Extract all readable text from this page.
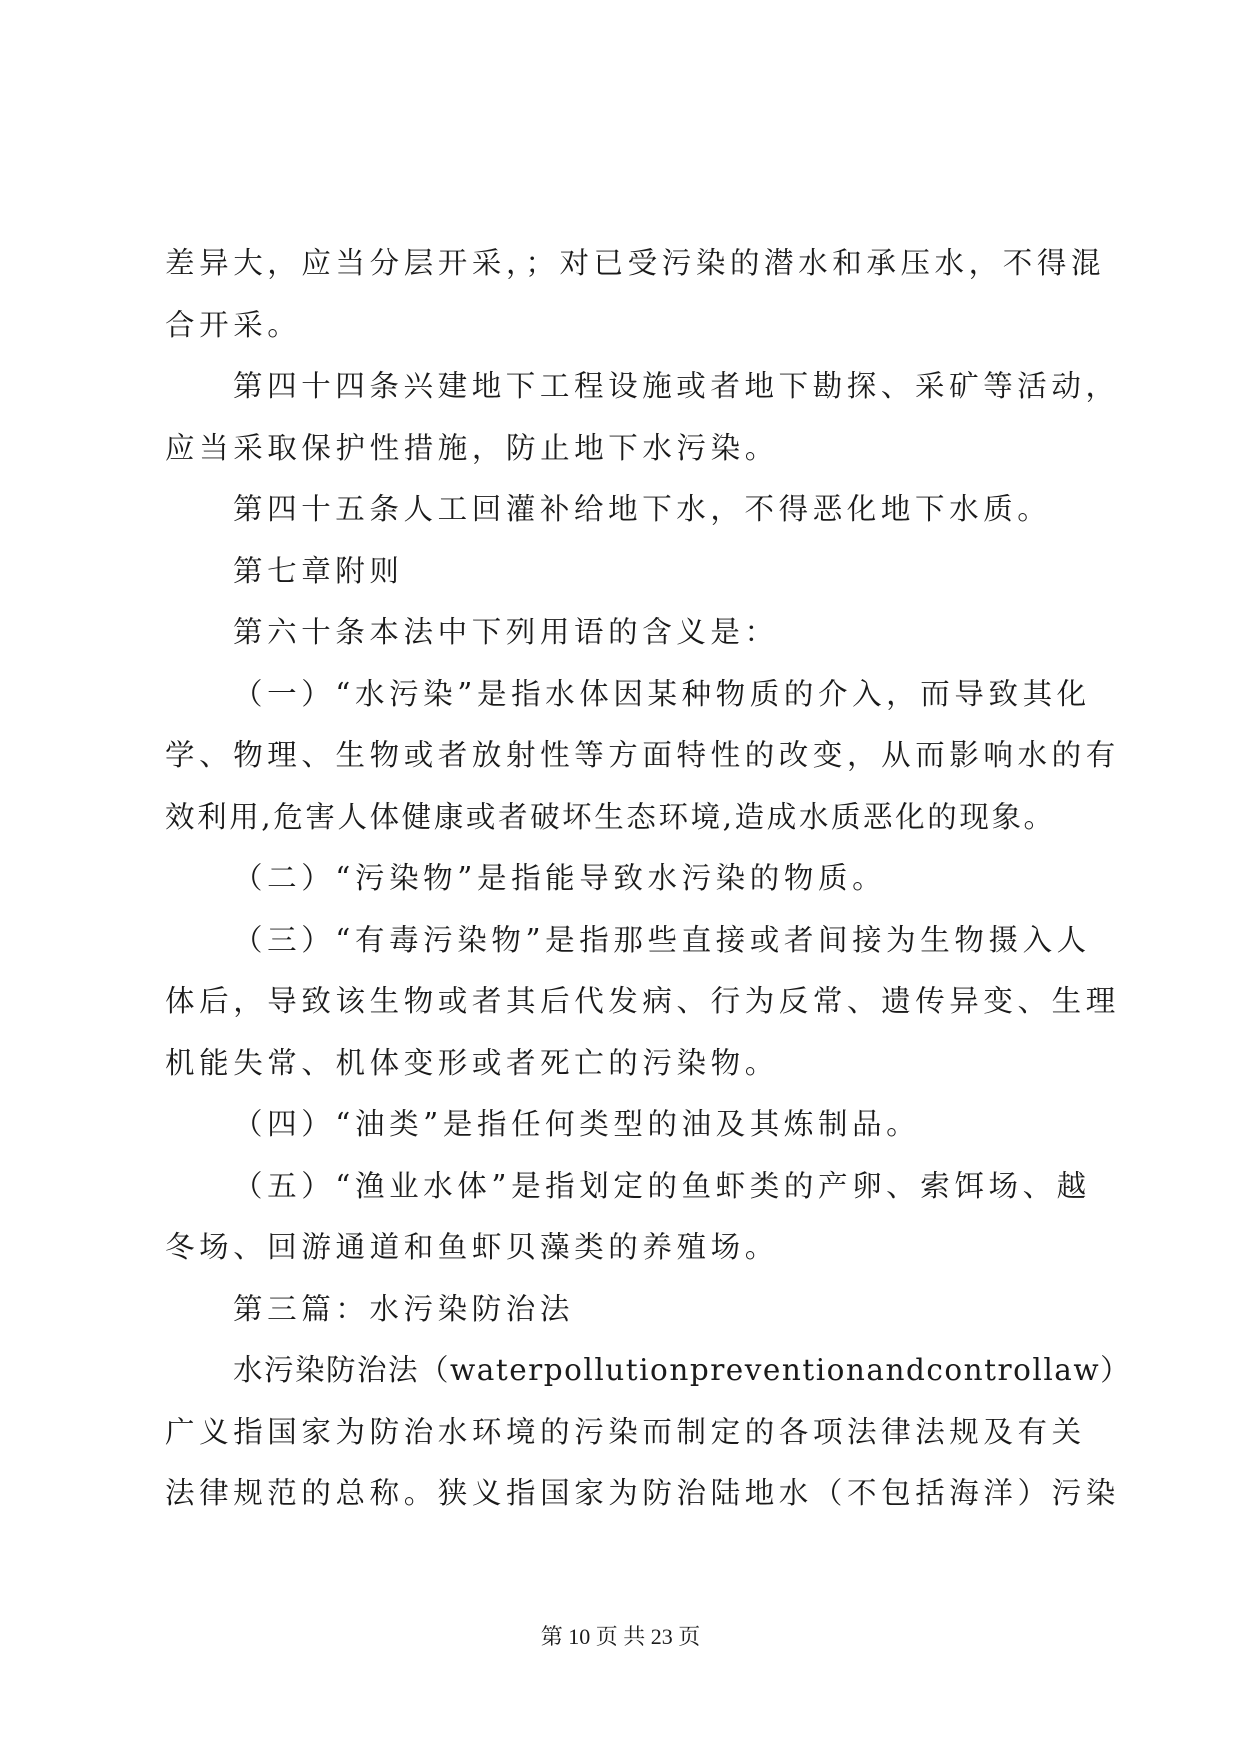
差异大，应当分层开采，；对已受污染的潜水和承压水，不得混
合开采。
第四十四条兴建地下工程设施或者地下勘探、采矿等活动，
应当采取保护性措施，防止地下水污染。
第四十五条人工回灌补给地下水，不得恶化地下水质。
第七章附则
第六十条本法中下列用语的含义是：
（一）“水污染”是指水体因某种物质的介入，而导致其化
学、物理、生物或者放射性等方面特性的改变，从而影响水的有
效利用,危害人体健康或者破坏生态环境,造成水质恶化的现象。
（二）“污染物”是指能导致水污染的物质。
（三）“有毒污染物”是指那些直接或者间接为生物摄入人
体后，导致该生物或者其后代发病、行为反常、遗传异变、生理
机能失常、机体变形或者死亡的污染物。
（四）“油类”是指任何类型的油及其炼制品。
（五）“渔业水体”是指划定的鱼虾类的产卵、索饵场、越
冬场、回游通道和鱼虾贝藻类的养殖场。
第三篇：水污染防治法
水污染防治法（waterpollutionpreventionandcontrollaw）
广义指国家为防治水环境的污染而制定的各项法律法规及有关
法律规范的总称。狭义指国家为防治陆地水（不包括海洋）污染
第 10 页 共 23 页
